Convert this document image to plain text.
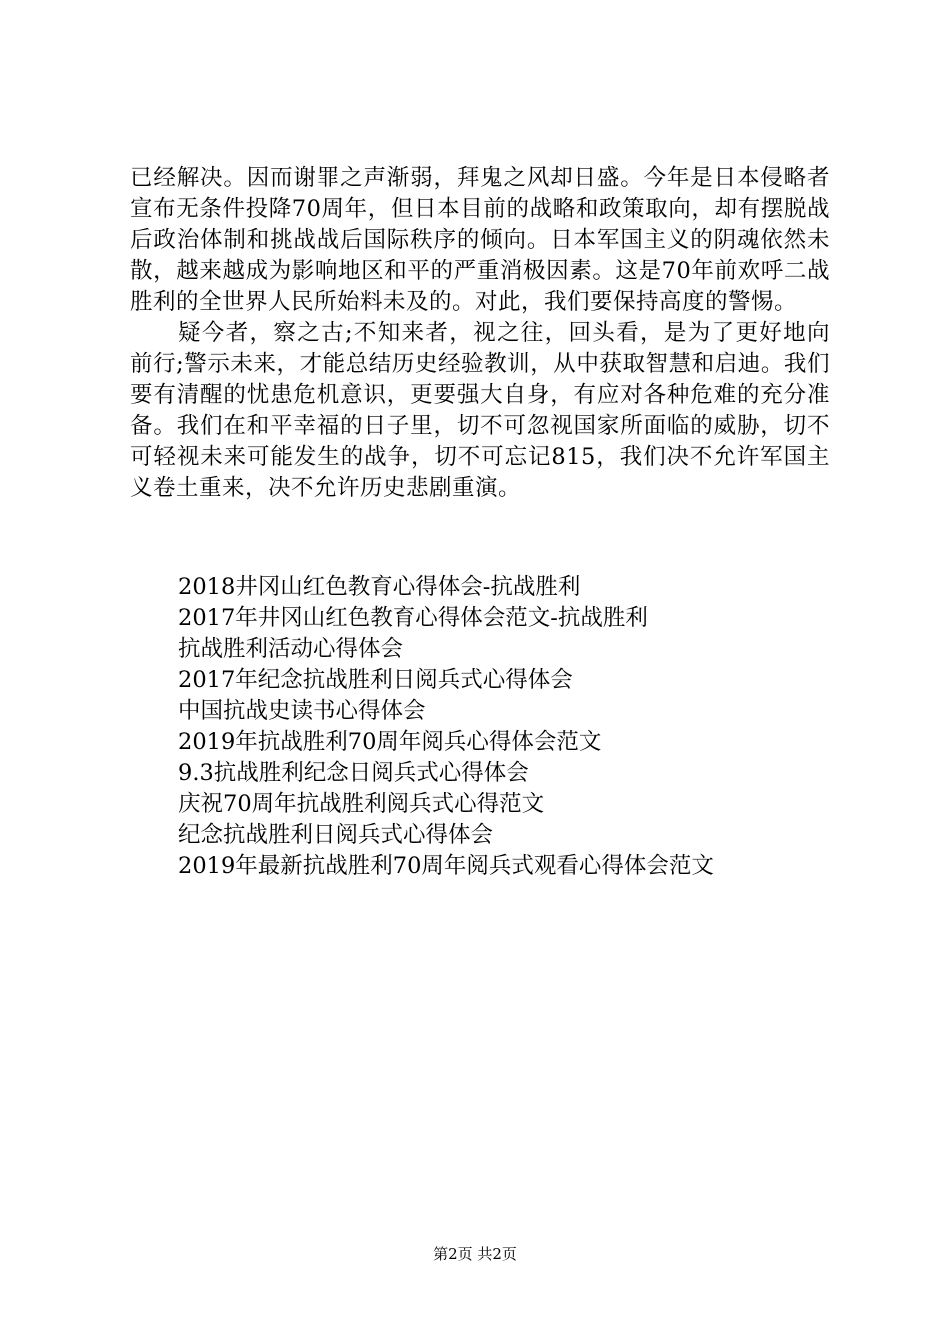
已经解决。因而谢罪之声渐弱，拜鬼之风却日盛。今年是日本侵略者宣布无条件投降70周年，但日本目前的战略和政策取向，却有摆脱战后政治体制和挑战战后国际秩序的倾向。日本军国主义的阴魂依然未散，越来越成为影响地区和平的严重消极因素。这是70年前欢呼二战胜利的全世界人民所始料未及的。对此，我们要保持高度的警惕。

疑今者，察之古;不知来者，视之往，回头看，是为了更好地向前行;警示未来，才能总结历史经验教训，从中获取智慧和启迪。我们要有清醒的忧患危机意识，更要强大自身，有应对各种危难的充分准备。我们在和平幸福的日子里，切不可忽视国家所面临的威胁，切不可轻视未来可能发生的战争，切不可忘记815，我们决不允许军国主义卷土重来，决不允许历史悲剧重演。

2018井冈山红色教育心得体会-抗战胜利

2017年井冈山红色教育心得体会范文-抗战胜利

抗战胜利活动心得体会

2017年纪念抗战胜利日阅兵式心得体会

中国抗战史读书心得体会

2019年抗战胜利70周年阅兵心得体会范文

9.3抗战胜利纪念日阅兵式心得体会

庆祝70周年抗战胜利阅兵式心得范文

纪念抗战胜利日阅兵式心得体会

2019年最新抗战胜利70周年阅兵式观看心得体会范文

第2页 共2页
